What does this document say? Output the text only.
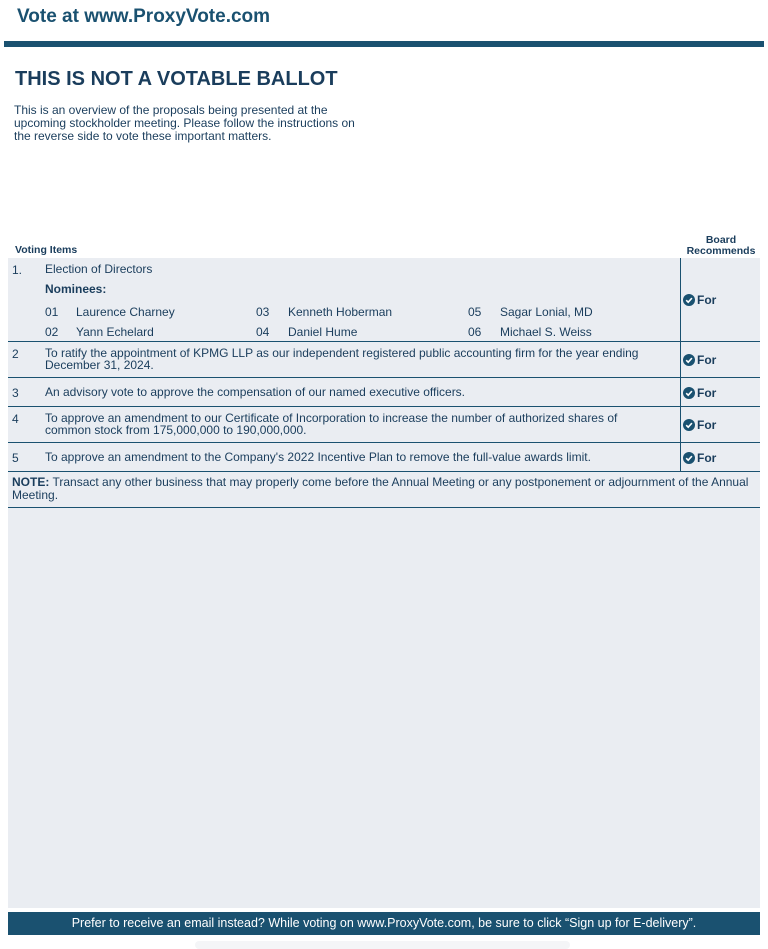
Vote at www.ProxyVote.com
THIS IS NOT A VOTABLE BALLOT
This is an overview of the proposals being presented at the upcoming stockholder meeting. Please follow the instructions on the reverse side to vote these important matters.
Voting Items
Board
Recommends
1. Election of Directors
Nominees:
01 Laurence Charney
02 Yann Echelard
03 Kenneth Hoberman
04 Daniel Hume
05 Sagar Lonial, MD
06 Michael S. Weiss
For
2 To ratify the appointment of KPMG LLP as our independent registered public accounting firm for the year ending
December 31, 2024.	For
3 An advisory vote to approve the compensation of our named executive officers.	For
4 To approve an amendment to our Certificate of Incorporation to increase the number of authorized shares of
common stock from 175,000,000 to 190,000,000.	For
5 To approve an amendment to the Company's 2022 Incentive Plan to remove the full-value awards limit.	For
NOTE: Transact any other business that may properly come before the Annual Meeting or any postponement or adjournment of the Annual Meeting.
Prefer to receive an email instead? While voting on www.ProxyVote.com, be sure to click “Sign up for E-delivery”.
